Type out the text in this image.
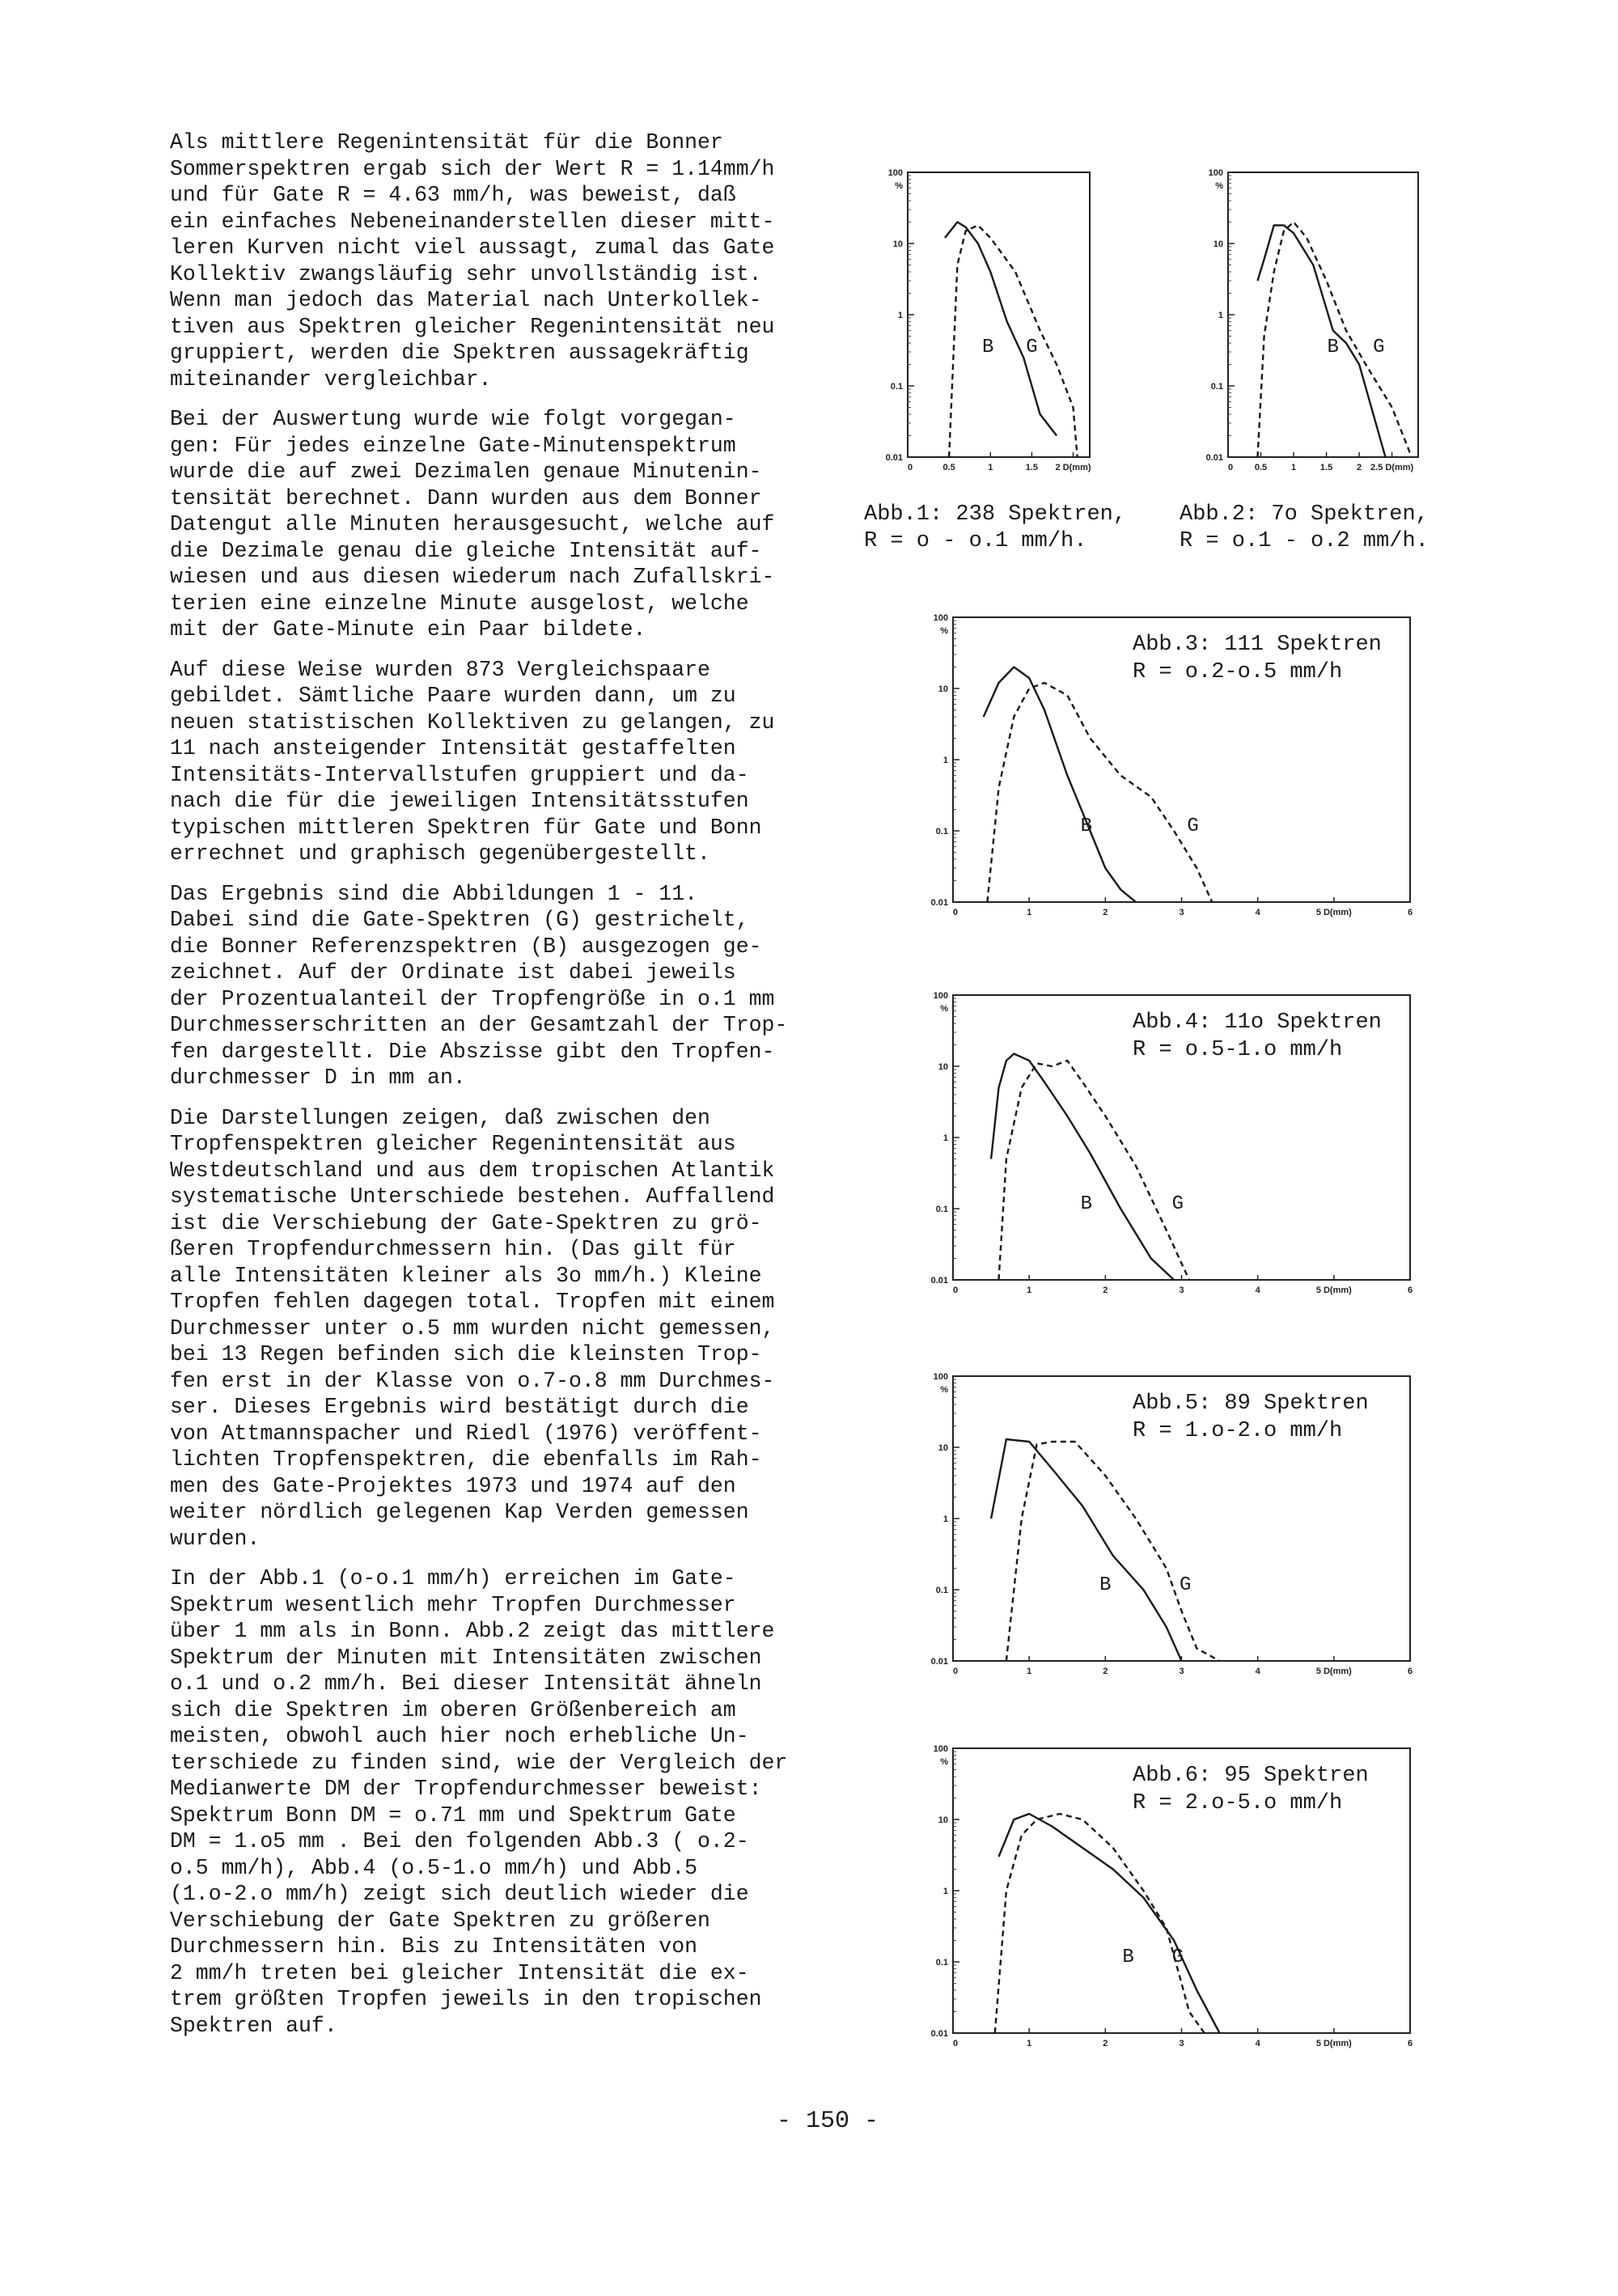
Als mittlere Regenintensität für die Bonner
Sommerspektren ergab sich der Wert R = 1.14mm/h
und für Gate R = 4.63 mm/h, was beweist, daß
ein einfaches Nebeneinanderstellen dieser mitt-
leren Kurven nicht viel aussagt, zumal das Gate
Kollektiv zwangsläufig sehr unvollständig ist.
Wenn man jedoch das Material nach Unterkollek-
tiven aus Spektren gleicher Regenintensität neu
gruppiert, werden die Spektren aussagekräftig
miteinander vergleichbar.

Bei der Auswertung wurde wie folgt vorgegan-
gen: Für jedes einzelne Gate-Minutenspektrum
wurde die auf zwei Dezimalen genaue Minutenin-
tensität berechnet. Dann wurden aus dem Bonner
Datengut alle Minuten herausgesucht, welche auf
die Dezimale genau die gleiche Intensität auf-
wiesen und aus diesen wiederum nach Zufallskri-
terien eine einzelne Minute ausgelost, welche
mit der Gate-Minute ein Paar bildete.

Auf diese Weise wurden 873 Vergleichspaare
gebildet. Sämtliche Paare wurden dann, um zu
neuen statistischen Kollektiven zu gelangen, zu
11 nach ansteigender Intensität gestaffelten
Intensitäts-Intervallstufen gruppiert und da-
nach die für die jeweiligen Intensitätsstufen
typischen mittleren Spektren für Gate und Bonn
errechnet und graphisch gegenübergestellt.

Das Ergebnis sind die Abbildungen 1 - 11.
Dabei sind die Gate-Spektren (G) gestrichelt,
die Bonner Referenzspektren (B) ausgezogen ge-
zeichnet. Auf der Ordinate ist dabei jeweils
der Prozentualanteil der Tropfengröße in o.1 mm
Durchmesserschritten an der Gesamtzahl der Trop-
fen dargestellt. Die Abszisse gibt den Tropfen-
durchmesser D in mm an.

Die Darstellungen zeigen, daß zwischen den
Tropfenspektren gleicher Regenintensität aus
Westdeutschland und aus dem tropischen Atlantik
systematische Unterschiede bestehen. Auffallend
ist die Verschiebung der Gate-Spektren zu grö-
ßeren Tropfendurchmessern hin. (Das gilt für
alle Intensitäten kleiner als 3o mm/h.) Kleine
Tropfen fehlen dagegen total. Tropfen mit einem
Durchmesser unter o.5 mm wurden nicht gemessen,
bei 13 Regen befinden sich die kleinsten Trop-
fen erst in der Klasse von o.7-o.8 mm Durchmes-
ser. Dieses Ergebnis wird bestätigt durch die
von Attmannspacher und Riedl (1976) veröffent-
lichten Tropfenspektren, die ebenfalls im Rah-
men des Gate-Projektes 1973 und 1974 auf den
weiter nördlich gelegenen Kap Verden gemessen
wurden.

In der Abb.1 (o-o.1 mm/h) erreichen im Gate-
Spektrum wesentlich mehr Tropfen Durchmesser
über 1 mm als in Bonn. Abb.2 zeigt das mittlere
Spektrum der Minuten mit Intensitäten zwischen
o.1 und o.2 mm/h. Bei dieser Intensität ähneln
sich die Spektren im oberen Größenbereich am
meisten, obwohl auch hier noch erhebliche Un-
terschiede zu finden sind, wie der Vergleich der
Medianwerte DM der Tropfendurchmesser beweist:
Spektrum Bonn DM = o.71 mm und Spektrum Gate
DM = 1.o5 mm . Bei den folgenden Abb.3 ( o.2-
o.5 mm/h), Abb.4 (o.5-1.o mm/h) und Abb.5
(1.o-2.o mm/h) zeigt sich deutlich wieder die
Verschiebung der Gate Spektren zu größeren
Durchmessern hin. Bis zu Intensitäten von
2 mm/h treten bei gleicher Intensität die ex-
trem größten Tropfen jeweils in den tropischen
Spektren auf.

100
%
10
1
0.1
0.01
0	0.5	1	1.5 2 D(mm)
B G
Abb.1: 238 Spektren,
R = o - o.1 mm/h.
100
%
10
1
0.1
0.01
0 0.5	1	1.5	2 2.5 D(mm)
B G
Abb.2: 7o Spektren,
R = o.1 - o.2 mm/h.
100
%
10
1
0.1
0.01
0	1	2	3	4	5 D(mm)	6
B	G
Abb.3: 111 Spektren
R = o.2-o.5 mm/h
100
%
10
1
0.1
0.01
0	1	2	3	4	5 D(mm)	6
B	G
Abb.4: 11o Spektren
R = o.5-1.o mm/h
100
%
10
1
0.1
0.01
0	1	2	3	4	5 D(mm)	6
B	G
Abb.5: 89 Spektren
R = 1.o-2.o mm/h
100
%
10
1
0.1
0.01
0	1	2	3	4	5 D(mm)	6
B G
Abb.6: 95 Spektren
R = 2.o-5.o mm/h
- 150 -
